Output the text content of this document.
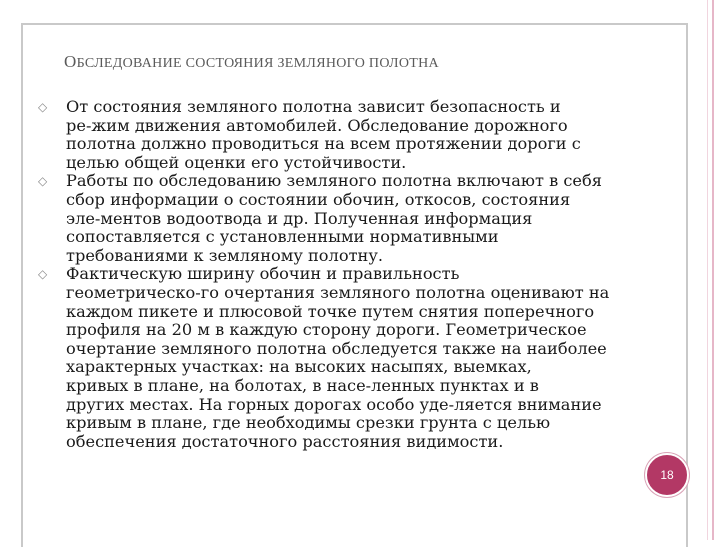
ОБСЛЕДОВАНИЕ СОСТОЯНИЯ ЗЕМЛЯНОГО ПОЛОТНА
◇ От состояния земляного полотна зависит безопасность и
ре-жим движения автомобилей. Обследование дорожного
полотна должно проводиться на всем протяжении дороги с
целью общей оценки его устойчивости.
◇ Работы по обследованию земляного полотна включают в себя
сбор информации о состоянии обочин, откосов, состояния
эле-ментов водоотвода и др. Полученная информация
сопоставляется с установленными нормативными
требованиями к земляному полотну.
◇ Фактическую ширину обочин и правильность
геометрическо-го очертания земляного полотна оценивают на
каждом пикете и плюсовой точке путем снятия поперечного
профиля на 20 м в каждую сторону дороги. Геометрическое
очертание земляного полотна обследуется также на наиболее
характерных участках: на высоких насыпях, выемках,
кривых в плане, на болотах, в насе-ленных пунктах и в
других местах. На горных дорогах особо уде-ляется внимание
кривым в плане, где необходимы срезки грунта с целью
обеспечения достаточного расстояния видимости.
18
